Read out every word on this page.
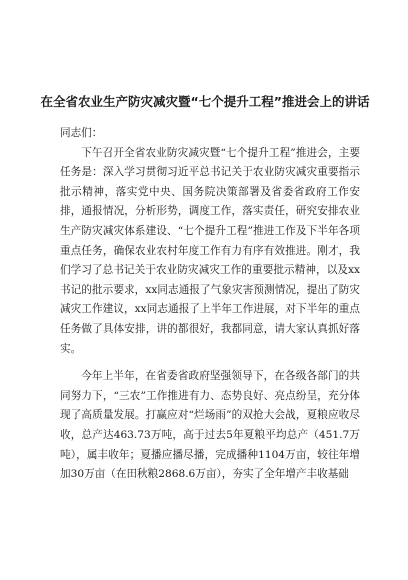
在全省农业生产防灾减灾暨“七个提升工程”推进会上的讲话

同志们：

下午召开全省农业防灾减灾暨“七个提升工程”推进会，主要任务是：深入学习贯彻习近平总书记关于农业防灾减灾重要指示批示精神，落实党中央、国务院决策部署及省委省政府工作安排，通报情况，分析形势，调度工作，落实责任，研究安排农业生产防灾减灾体系建设、“七个提升工程”推进工作及下半年各项重点任务，确保农业农村年度工作有力有序有效推进。刚才，我们学习了总书记关于农业防灾减灾工作的重要批示精神，以及xx书记的批示要求，xx同志通报了气象灾害预测情况，提出了防灾减灾工作建议，xx同志通报了上半年工作进展，对下半年的重点任务做了具体安排，讲的都很好，我都同意，请大家认真抓好落实。

今年上半年，在省委省政府坚强领导下，在各级各部门的共同努力下，“三农”工作推进有力、态势良好、亮点纷呈，充分体现了高质量发展。打赢应对“烂场雨”的双抢大会战，夏粮应收尽收，总产达463.73万吨，高于过去5年夏粮平均总产（451.7万吨），属丰收年；夏播应播尽播，完成播种1104万亩，较往年增加30万亩（在田秋粮2868.6万亩），夯实了全年增产丰收基础
